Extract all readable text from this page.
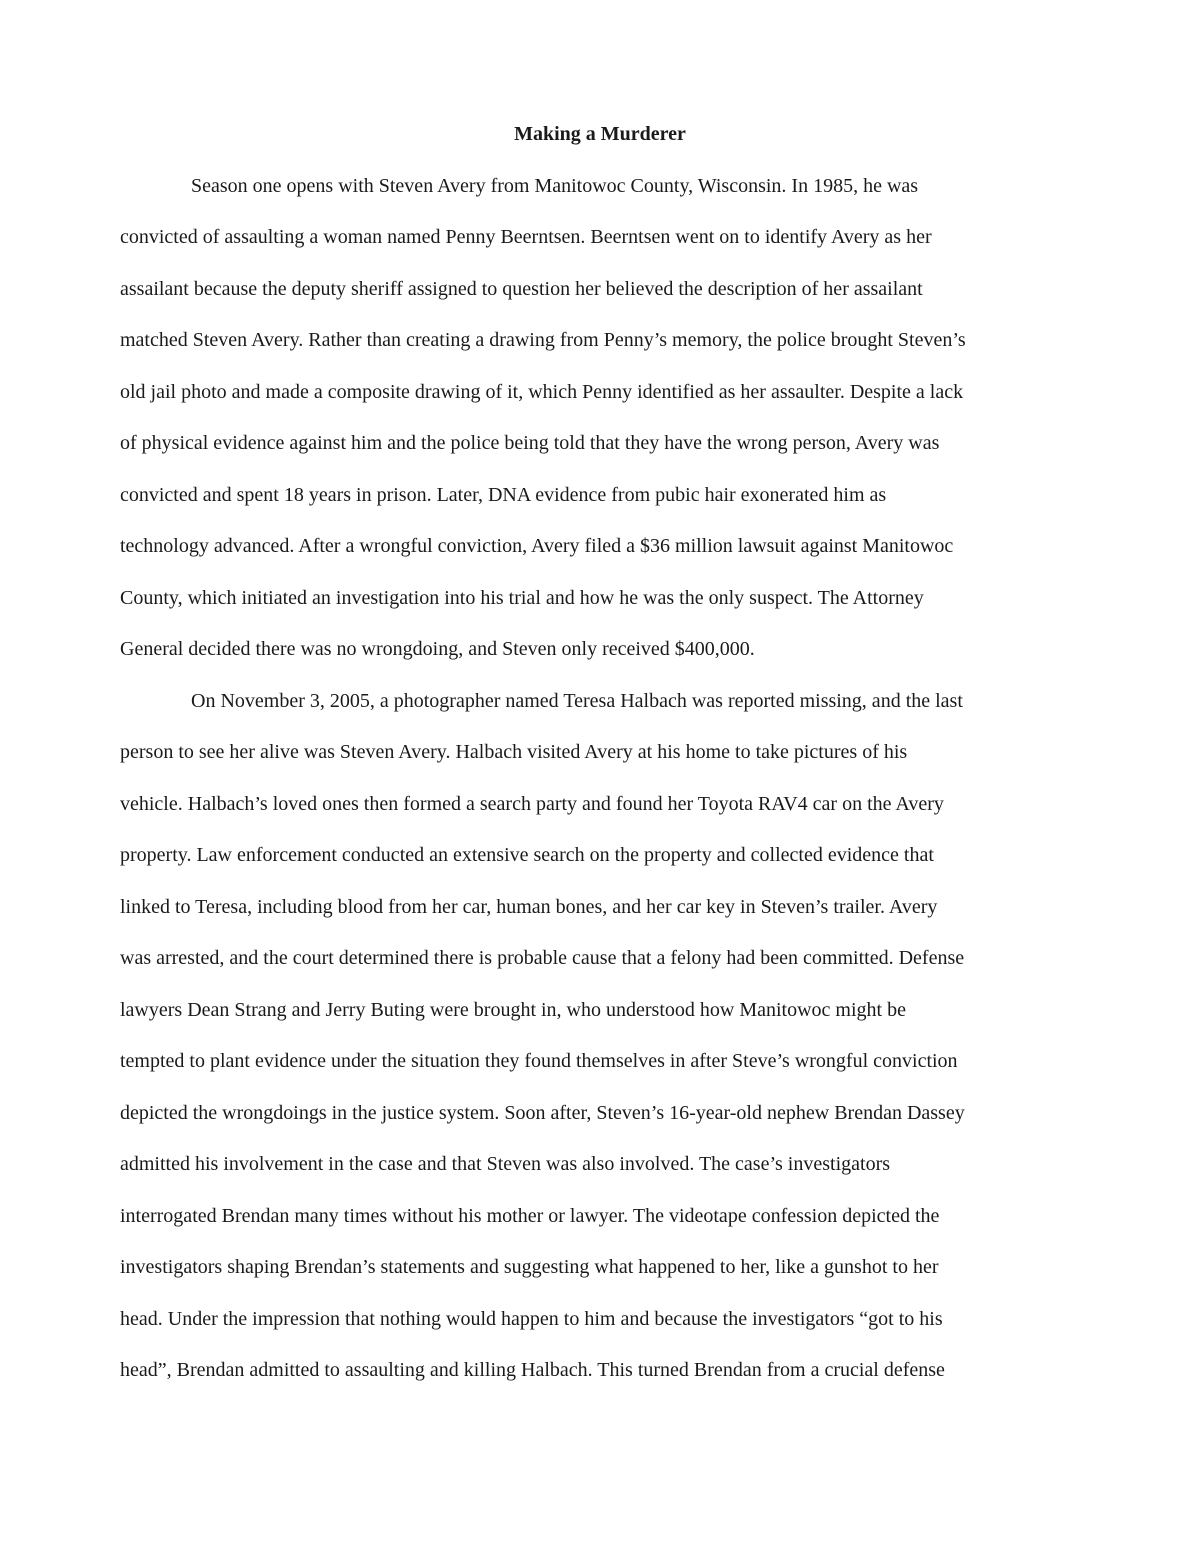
Making a Murderer

Season one opens with Steven Avery from Manitowoc County, Wisconsin. In 1985, he was

convicted of assaulting a woman named Penny Beerntsen. Beerntsen went on to identify Avery as her

assailant because the deputy sheriff assigned to question her believed the description of her assailant

matched Steven Avery. Rather than creating a drawing from Penny’s memory, the police brought Steven’s

old jail photo and made a composite drawing of it, which Penny identified as her assaulter. Despite a lack

of physical evidence against him and the police being told that they have the wrong person, Avery was

convicted and spent 18 years in prison. Later, DNA evidence from pubic hair exonerated him as

technology advanced. After a wrongful conviction, Avery filed a $36 million lawsuit against Manitowoc

County, which initiated an investigation into his trial and how he was the only suspect. The Attorney

General decided there was no wrongdoing, and Steven only received $400,000.

On November 3, 2005, a photographer named Teresa Halbach was reported missing, and the last

person to see her alive was Steven Avery. Halbach visited Avery at his home to take pictures of his

vehicle. Halbach’s loved ones then formed a search party and found her Toyota RAV4 car on the Avery

property. Law enforcement conducted an extensive search on the property and collected evidence that

linked to Teresa, including blood from her car, human bones, and her car key in Steven’s trailer. Avery

was arrested, and the court determined there is probable cause that a felony had been committed. Defense

lawyers Dean Strang and Jerry Buting were brought in, who understood how Manitowoc might be

tempted to plant evidence under the situation they found themselves in after Steve’s wrongful conviction

depicted the wrongdoings in the justice system. Soon after, Steven’s 16-year-old nephew Brendan Dassey

admitted his involvement in the case and that Steven was also involved. The case’s investigators

interrogated Brendan many times without his mother or lawyer. The videotape confession depicted the

investigators shaping Brendan’s statements and suggesting what happened to her, like a gunshot to her

head. Under the impression that nothing would happen to him and because the investigators “got to his

head”, Brendan admitted to assaulting and killing Halbach. This turned Brendan from a crucial defense
